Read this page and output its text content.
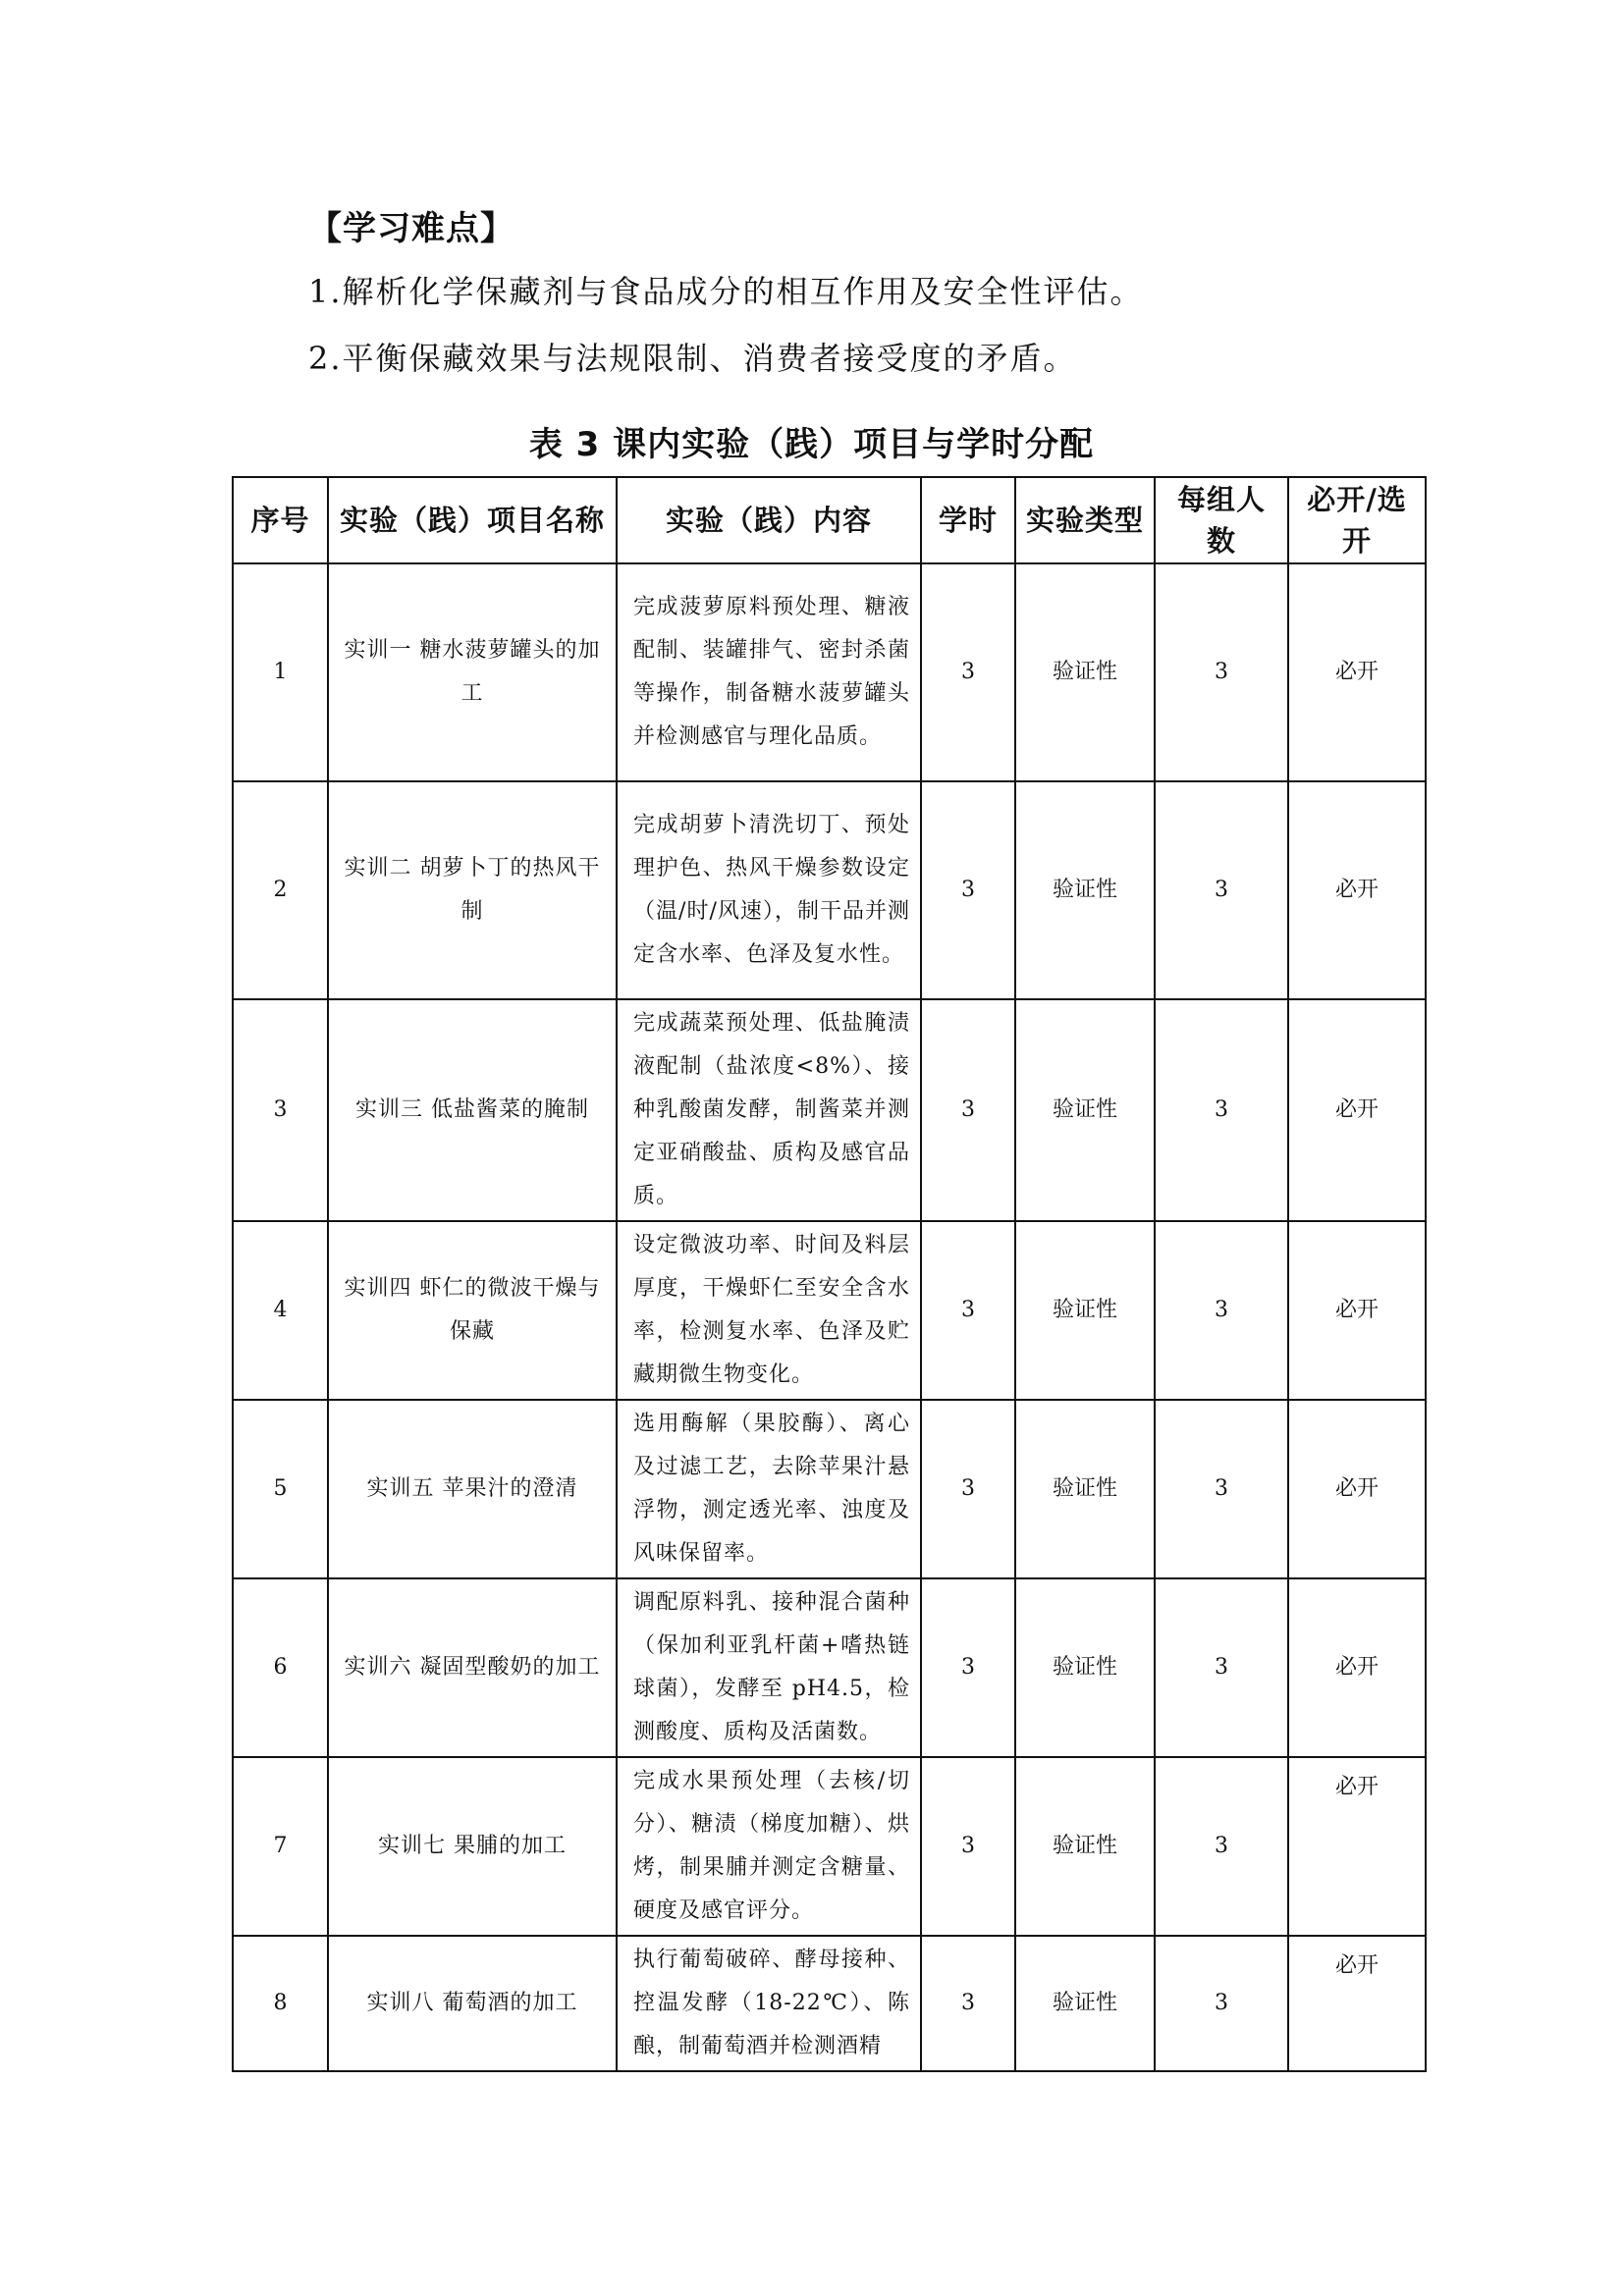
【学习难点】
1.解析化学保藏剂与食品成分的相互作用及安全性评估。
2.平衡保藏效果与法规限制、消费者接受度的矛盾。
表 3 课内实验（践）项目与学时分配
序号	实验（践）项目名称	实验（践）内容	学时	实验类型	每组人数	必开/选开
1	实训一 糖水菠萝罐头的加工	完成菠萝原料预处理、糖液配制、装罐排气、密封杀菌等操作，制备糖水菠萝罐头并检测感官与理化品质。	3	验证性	3	必开
2	实训二 胡萝卜丁的热风干制	完成胡萝卜清洗切丁、预处理护色、热风干燥参数设定（温/时/风速），制干品并测定含水率、色泽及复水性。	3	验证性	3	必开
3	实训三 低盐酱菜的腌制	完成蔬菜预处理、低盐腌渍液配制（盐浓度<8%）、接种乳酸菌发酵，制酱菜并测定亚硝酸盐、质构及感官品质。	3	验证性	3	必开
4	实训四 虾仁的微波干燥与保藏	设定微波功率、时间及料层厚度，干燥虾仁至安全含水率，检测复水率、色泽及贮藏期微生物变化。	3	验证性	3	必开
5	实训五 苹果汁的澄清	选用酶解（果胶酶）、离心及过滤工艺，去除苹果汁悬浮物，测定透光率、浊度及风味保留率。	3	验证性	3	必开
6	实训六 凝固型酸奶的加工	调配原料乳、接种混合菌种（保加利亚乳杆菌+嗜热链球菌），发酵至 pH4.5，检测酸度、质构及活菌数。	3	验证性	3	必开
7	实训七 果脯的加工	完成水果预处理（去核/切分）、糖渍（梯度加糖）、烘烤，制果脯并测定含糖量、硬度及感官评分。	3	验证性	3	必开
8	实训八 葡萄酒的加工	执行葡萄破碎、酵母接种、控温发酵（18-22℃）、陈酿，制葡萄酒并检测酒精	3	验证性	3	必开
